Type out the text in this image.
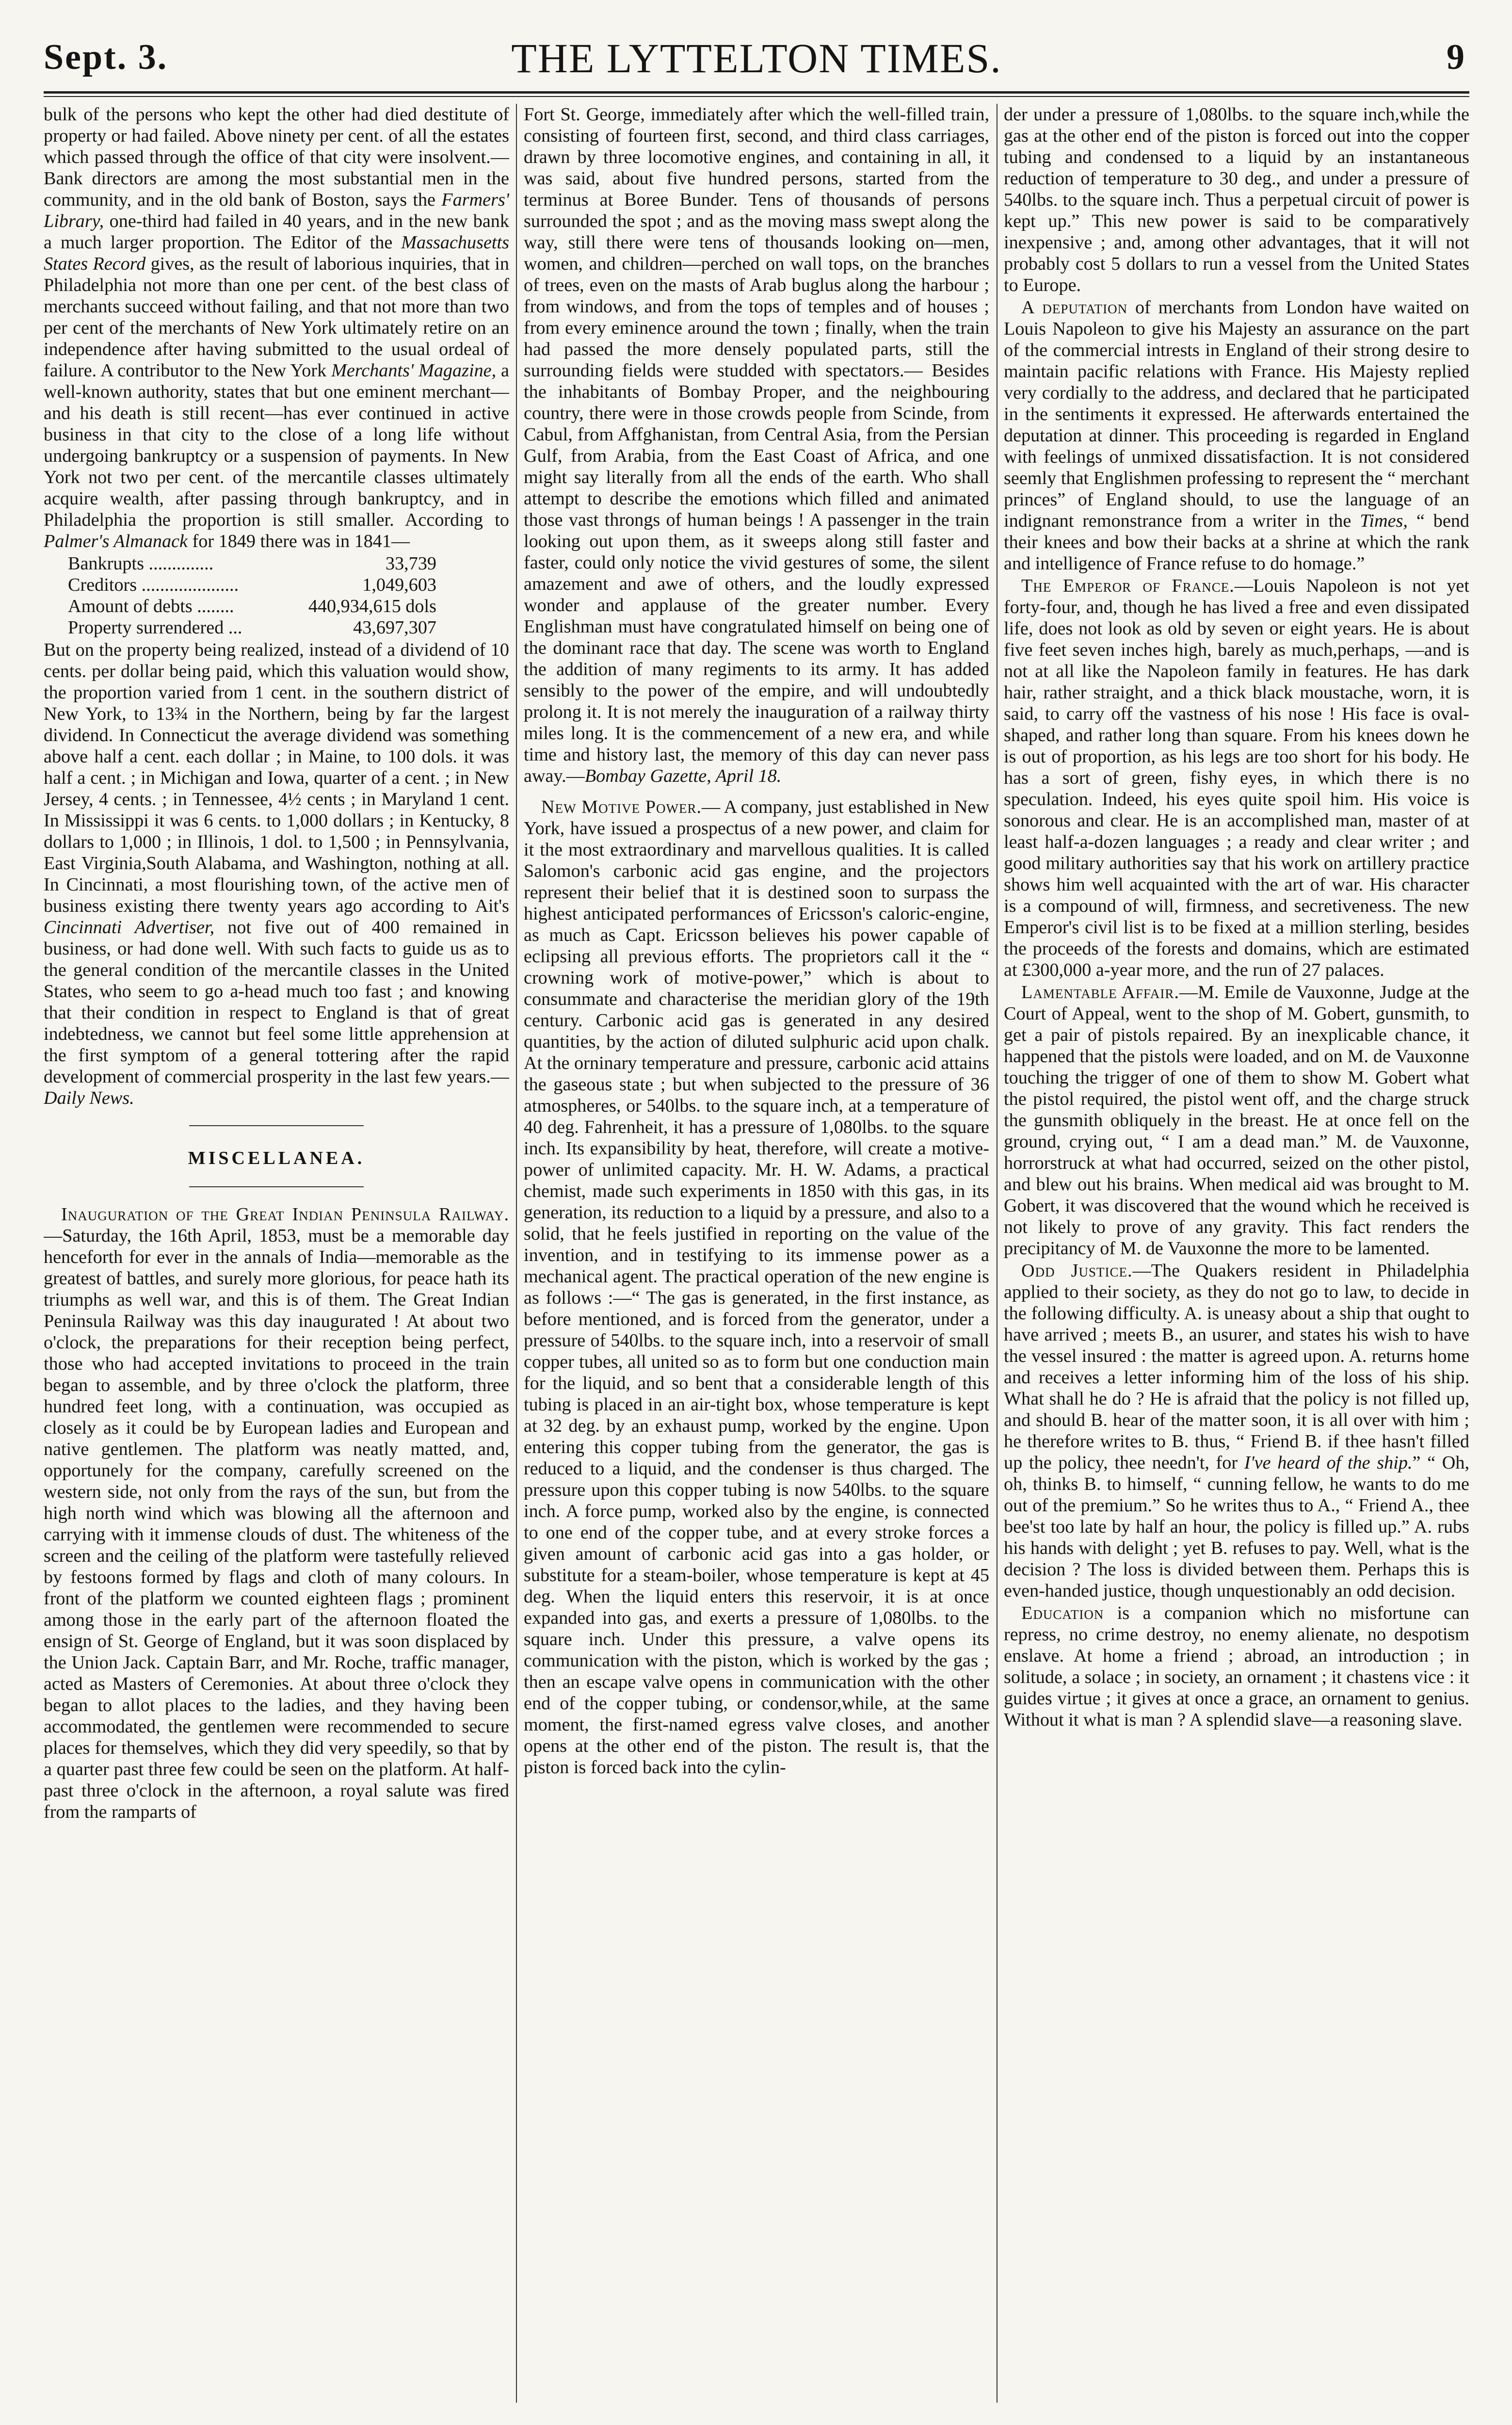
Sept. 3.	THE LYTTELTON TIMES.	9

bulk of the persons who kept the other had died destitute of property or had failed. Above ninety per cent. of all the estates which passed through the office of that city were insolvent.— Bank directors are among the most substantial men in the community, and in the old bank of Boston, says the Farmers' Library, one-third had failed in 40 years, and in the new bank a much larger proportion. The Editor of the Massachusetts States Record gives, as the result of laborious inquiries, that in Philadelphia not more than one per cent. of the best class of merchants succeed without failing, and that not more than two per cent of the merchants of New York ultimately retire on an independence after having submitted to the usual ordeal of failure. A contributor to the New York Merchants' Magazine, a well-known authority, states that but one eminent merchant—and his death is still recent—has ever continued in active business in that city to the close of a long life without undergoing bankruptcy or a suspension of payments. In New York not two per cent. of the mercantile classes ultimately acquire wealth, after passing through bankruptcy, and in Philadelphia the proportion is still smaller. According to Palmer's Almanack for 1849 there was in 1841—

Bankrupts ..............	33,739
Creditors .....................	1,049,603
Amount of debts ........	440,934,615 dols
Property surrendered ...	43,697,307

But on the property being realized, instead of a dividend of 10 cents. per dollar being paid, which this valuation would show, the proportion varied from 1 cent. in the southern district of New York, to 13¾ in the Northern, being by far the largest dividend. In Connecticut the average dividend was something above half a cent. each dollar ; in Maine, to 100 dols. it was half a cent. ; in Michigan and Iowa, quarter of a cent. ; in New Jersey, 4 cents. ; in Tennessee, 4½ cents ; in Maryland 1 cent. In Mississippi it was 6 cents. to 1,000 dollars ; in Kentucky, 8 dollars to 1,000 ; in Illinois, 1 dol. to 1,500 ; in Pennsylvania, East Virginia,South Alabama, and Washington, nothing at all. In Cincinnati, a most flourishing town, of the active men of business existing there twenty years ago according to Ait's Cincinnati Advertiser, not five out of 400 remained in business, or had done well. With such facts to guide us as to the general condition of the mercantile classes in the United States, who seem to go a-head much too fast ; and knowing that their condition in respect to England is that of great indebtedness, we cannot but feel some little apprehension at the first symptom of a general tottering after the rapid development of commercial prosperity in the last few years.—Daily News.

MISCELLANEA.

Inauguration of the Great Indian Peninsula Railway.—Saturday, the 16th April, 1853, must be a memorable day henceforth for ever in the annals of India—memorable as the greatest of battles, and surely more glorious, for peace hath its triumphs as well war, and this is of them. The Great Indian Peninsula Railway was this day inaugurated ! At about two o'clock, the preparations for their reception being perfect, those who had accepted invitations to proceed in the train began to assemble, and by three o'clock the platform, three hundred feet long, with a continuation, was occupied as closely as it could be by European ladies and European and native gentlemen. The platform was neatly matted, and, opportunely for the company, carefully screened on the western side, not only from the rays of the sun, but from the high north wind which was blowing all the afternoon and carrying with it immense clouds of dust. The whiteness of the screen and the ceiling of the platform were tastefully relieved by festoons formed by flags and cloth of many colours. In front of the platform we counted eighteen flags ; prominent among those in the early part of the afternoon floated the ensign of St. George of England, but it was soon displaced by the Union Jack. Captain Barr, and Mr. Roche, traffic manager, acted as Masters of Ceremonies. At about three o'clock they began to allot places to the ladies, and they having been accommodated, the gentlemen were recommended to secure places for themselves, which they did very speedily, so that by a quarter past three few could be seen on the platform. At half-past three o'clock in the afternoon, a royal salute was fired from the ramparts of

Fort St. George, immediately after which the well-filled train, consisting of fourteen first, second, and third class carriages, drawn by three locomotive engines, and containing in all, it was said, about five hundred persons, started from the terminus at Boree Bunder. Tens of thousands of persons surrounded the spot ; and as the moving mass swept along the way, still there were tens of thousands looking on—men, women, and children—perched on wall tops, on the branches of trees, even on the masts of Arab buglus along the harbour ; from windows, and from the tops of temples and of houses ; from every eminence around the town ; finally, when the train had passed the more densely populated parts, still the surrounding fields were studded with spectators.— Besides the inhabitants of Bombay Proper, and the neighbouring country, there were in those crowds people from Scinde, from Cabul, from Affghanistan, from Central Asia, from the Persian Gulf, from Arabia, from the East Coast of Africa, and one might say literally from all the ends of the earth. Who shall attempt to describe the emotions which filled and animated those vast throngs of human beings ! A passenger in the train looking out upon them, as it sweeps along still faster and faster, could only notice the vivid gestures of some, the silent amazement and awe of others, and the loudly expressed wonder and applause of the greater number. Every Englishman must have congratulated himself on being one of the dominant race that day. The scene was worth to England the addition of many regiments to its army. It has added sensibly to the power of the empire, and will undoubtedly prolong it. It is not merely the inauguration of a railway thirty miles long. It is the commencement of a new era, and while time and history last, the memory of this day can never pass away.—Bombay Gazette, April 18.

New Motive Power.— A company, just established in New York, have issued a prospectus of a new power, and claim for it the most extraordinary and marvellous qualities. It is called Salomon's carbonic acid gas engine, and the projectors represent their belief that it is destined soon to surpass the highest anticipated performances of Ericsson's caloric-engine, as much as Capt. Ericsson believes his power capable of eclipsing all previous efforts. The proprietors call it the “ crowning work of motive-power,” which is about to consummate and characterise the meridian glory of the 19th century. Carbonic acid gas is generated in any desired quantities, by the action of diluted sulphuric acid upon chalk. At the orninary temperature and pressure, carbonic acid attains the gaseous state ; but when subjected to the pressure of 36 atmospheres, or 540lbs. to the square inch, at a temperature of 40 deg. Fahrenheit, it has a pressure of 1,080lbs. to the square inch. Its expansibility by heat, therefore, will create a motive-power of unlimited capacity. Mr. H. W. Adams, a practical chemist, made such experiments in 1850 with this gas, in its generation, its reduction to a liquid by a pressure, and also to a solid, that he feels justified in reporting on the value of the invention, and in testifying to its immense power as a mechanical agent. The practical operation of the new engine is as follows :—“ The gas is generated, in the first instance, as before mentioned, and is forced from the generator, under a pressure of 540lbs. to the square inch, into a reservoir of small copper tubes, all united so as to form but one conduction main for the liquid, and so bent that a considerable length of this tubing is placed in an air-tight box, whose temperature is kept at 32 deg. by an exhaust pump, worked by the engine. Upon entering this copper tubing from the generator, the gas is reduced to a liquid, and the condenser is thus charged. The pressure upon this copper tubing is now 540lbs. to the square inch. A force pump, worked also by the engine, is connected to one end of the copper tube, and at every stroke forces a given amount of carbonic acid gas into a gas holder, or substitute for a steam-boiler, whose temperature is kept at 45 deg. When the liquid enters this reservoir, it is at once expanded into gas, and exerts a pressure of 1,080lbs. to the square inch. Under this pressure, a valve opens its communication with the piston, which is worked by the gas ; then an escape valve opens in communication with the other end of the copper tubing, or condensor,while, at the same moment, the first-named egress valve closes, and another opens at the other end of the piston. The result is, that the piston is forced back into the cylin-

der under a pressure of 1,080lbs. to the square inch,while the gas at the other end of the piston is forced out into the copper tubing and condensed to a liquid by an instantaneous reduction of temperature to 30 deg., and under a pressure of 540lbs. to the square inch. Thus a perpetual circuit of power is kept up.” This new power is said to be comparatively inexpensive ; and, among other advantages, that it will not probably cost 5 dollars to run a vessel from the United States to Europe.

A deputation of merchants from London have waited on Louis Napoleon to give his Majesty an assurance on the part of the commercial intrests in England of their strong desire to maintain pacific relations with France. His Majesty replied very cordially to the address, and declared that he participated in the sentiments it expressed. He afterwards entertained the deputation at dinner. This proceeding is regarded in England with feelings of unmixed dissatisfaction. It is not considered seemly that Englishmen professing to represent the “ merchant princes” of England should, to use the language of an indignant remonstrance from a writer in the Times, “ bend their knees and bow their backs at a shrine at which the rank and intelligence of France refuse to do homage.”

The Emperor of France.—Louis Napoleon is not yet forty-four, and, though he has lived a free and even dissipated life, does not look as old by seven or eight years. He is about five feet seven inches high, barely as much,perhaps, —and is not at all like the Napoleon family in features. He has dark hair, rather straight, and a thick black moustache, worn, it is said, to carry off the vastness of his nose ! His face is oval-shaped, and rather long than square. From his knees down he is out of proportion, as his legs are too short for his body. He has a sort of green, fishy eyes, in which there is no speculation. Indeed, his eyes quite spoil him. His voice is sonorous and clear. He is an accomplished man, master of at least half-a-dozen languages ; a ready and clear writer ; and good military authorities say that his work on artillery practice shows him well acquainted with the art of war. His character is a compound of will, firmness, and secretiveness. The new Emperor's civil list is to be fixed at a million sterling, besides the proceeds of the forests and domains, which are estimated at £300,000 a-year more, and the run of 27 palaces.

Lamentable Affair.—M. Emile de Vauxonne, Judge at the Court of Appeal, went to the shop of M. Gobert, gunsmith, to get a pair of pistols repaired. By an inexplicable chance, it happened that the pistols were loaded, and on M. de Vauxonne touching the trigger of one of them to show M. Gobert what the pistol required, the pistol went off, and the charge struck the gunsmith obliquely in the breast. He at once fell on the ground, crying out, “ I am a dead man.” M. de Vauxonne, horrorstruck at what had occurred, seized on the other pistol, and blew out his brains. When medical aid was brought to M. Gobert, it was discovered that the wound which he received is not likely to prove of any gravity. This fact renders the precipitancy of M. de Vauxonne the more to be lamented.

Odd Justice.—The Quakers resident in Philadelphia applied to their society, as they do not go to law, to decide in the following difficulty. A. is uneasy about a ship that ought to have arrived ; meets B., an usurer, and states his wish to have the vessel insured : the matter is agreed upon. A. returns home and receives a letter informing him of the loss of his ship. What shall he do ? He is afraid that the policy is not filled up, and should B. hear of the matter soon, it is all over with him ; he therefore writes to B. thus, “ Friend B. if thee hasn't filled up the policy, thee needn't, for I've heard of the ship.” “ Oh, oh, thinks B. to himself, “ cunning fellow, he wants to do me out of the premium.” So he writes thus to A., “ Friend A., thee bee'st too late by half an hour, the policy is filled up.” A. rubs his hands with delight ; yet B. refuses to pay. Well, what is the decision ? The loss is divided between them. Perhaps this is even-handed justice, though unquestionably an odd decision.

Education is a companion which no misfortune can repress, no crime destroy, no enemy alienate, no despotism enslave. At home a friend ; abroad, an introduction ; in solitude, a solace ; in society, an ornament ; it chastens vice : it guides virtue ; it gives at once a grace, an ornament to genius. Without it what is man ? A splendid slave—a reasoning slave.
